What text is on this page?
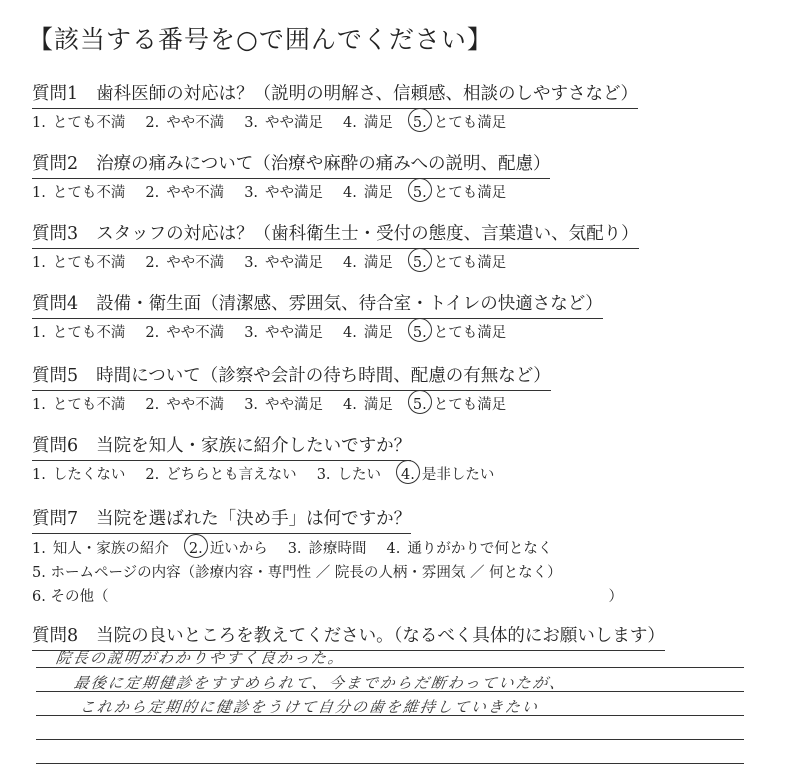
【該当する番号を○で囲んでください】
質問1 歯科医師の対応は？（説明の明解さ、信頼感、相談のしやすさなど）
1. とても不満 2. やや不満 3. やや満足 4. 満足 5. とても満足
質問2 治療の痛みについて（治療や麻酔の痛みへの説明、配慮）
1. とても不満 2. やや不満 3. やや満足 4. 満足 5. とても満足
質問3 スタッフの対応は？（歯科衛生士・受付の態度、言葉遣い、気配り）
1. とても不満 2. やや不満 3. やや満足 4. 満足 5. とても満足
質問4 設備・衛生面（清潔感、雰囲気、待合室・トイレの快適さなど）
1. とても不満 2. やや不満 3. やや満足 4. 満足 5. とても満足
質問5 時間について（診察や会計の待ち時間、配慮の有無など）
1. とても不満 2. やや不満 3. やや満足 4. 満足 5. とても満足
質問6 当院を知人・家族に紹介したいですか？
1. したくない 2. どちらとも言えない 3. したい 4. 是非したい
質問7 当院を選ばれた「決め手」は何ですか？
1. 知人・家族の紹介 2. 近いから 3. 診療時間 4. 通りがかりで何となく
5. ホームページの内容（診療内容・専門性 ／ 院長の人柄・雰囲気 ／ 何となく）
6. その他（	）
質問8 当院の良いところを教えてください。（なるべく具体的にお願いします）
院長の説明がわかりやすく良かった。
最後に定期健診をすすめられて、今までからだ断わっていたが、
これから定期的に健診をうけて自分の歯を維持していきたい
